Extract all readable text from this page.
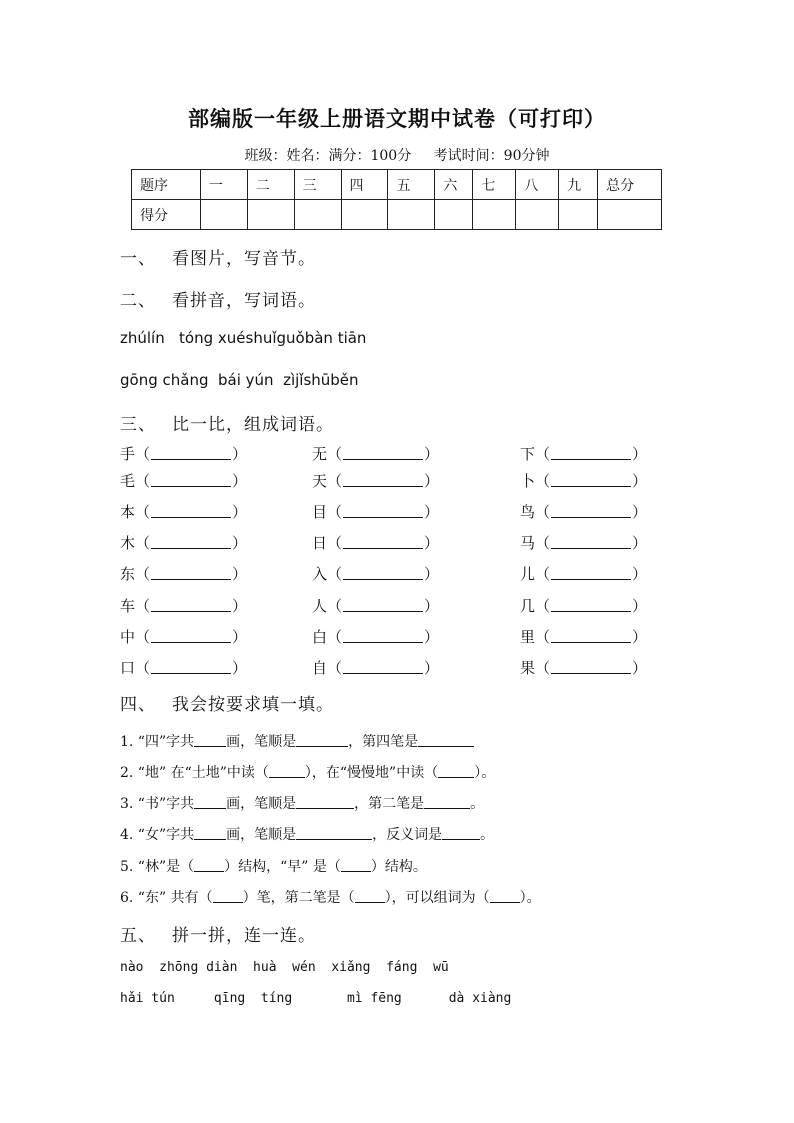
部编版一年级上册语文期中试卷（可打印）
班级：姓名：满分：100分 考试时间：90分钟
题序	一	二	三	四	五	六	七	八	九	总分
得分										
一、 看图片，写音节。
二、 看拼音，写词语。
zhúlín   tóng xuéshuǐguǒbàn tiān
gōng chǎng  bái yún  zìjǐshūběn
三、 比一比，组成词语。
手（	）	无（	）	下（	）
毛（	）	天（	）	卜（	）
本（	）	目（	）	鸟（	）
木（	）	日（	）	马（	）
东（	）	入（	）	儿（	）
车（	）	人（	）	几（	）
中（	）	白（	）	里（	）
口（	）	自（	）	果（	）
四、 我会按要求填一填。
1. “四”字共 画，笔顺是	，第四笔是
2. “地” 在“土地”中读（	），在“慢慢地”中读（	）。
3. “书”字共 画，笔顺是	，第二笔是	。
4. “女”字共 画，笔顺是	，反义词是	。
5. “林”是（ ）结构，“早” 是（ ）结构。
6. “东” 共有（ ）笔，第二笔是（ ），可以组词为（ ）。
五、 拼一拼，连一连。
nào  zhōng diàn  huà  wén  xiǎng  fáng  wū
hǎi tún     qīng  tíng       mì fēng      dà xiàng
